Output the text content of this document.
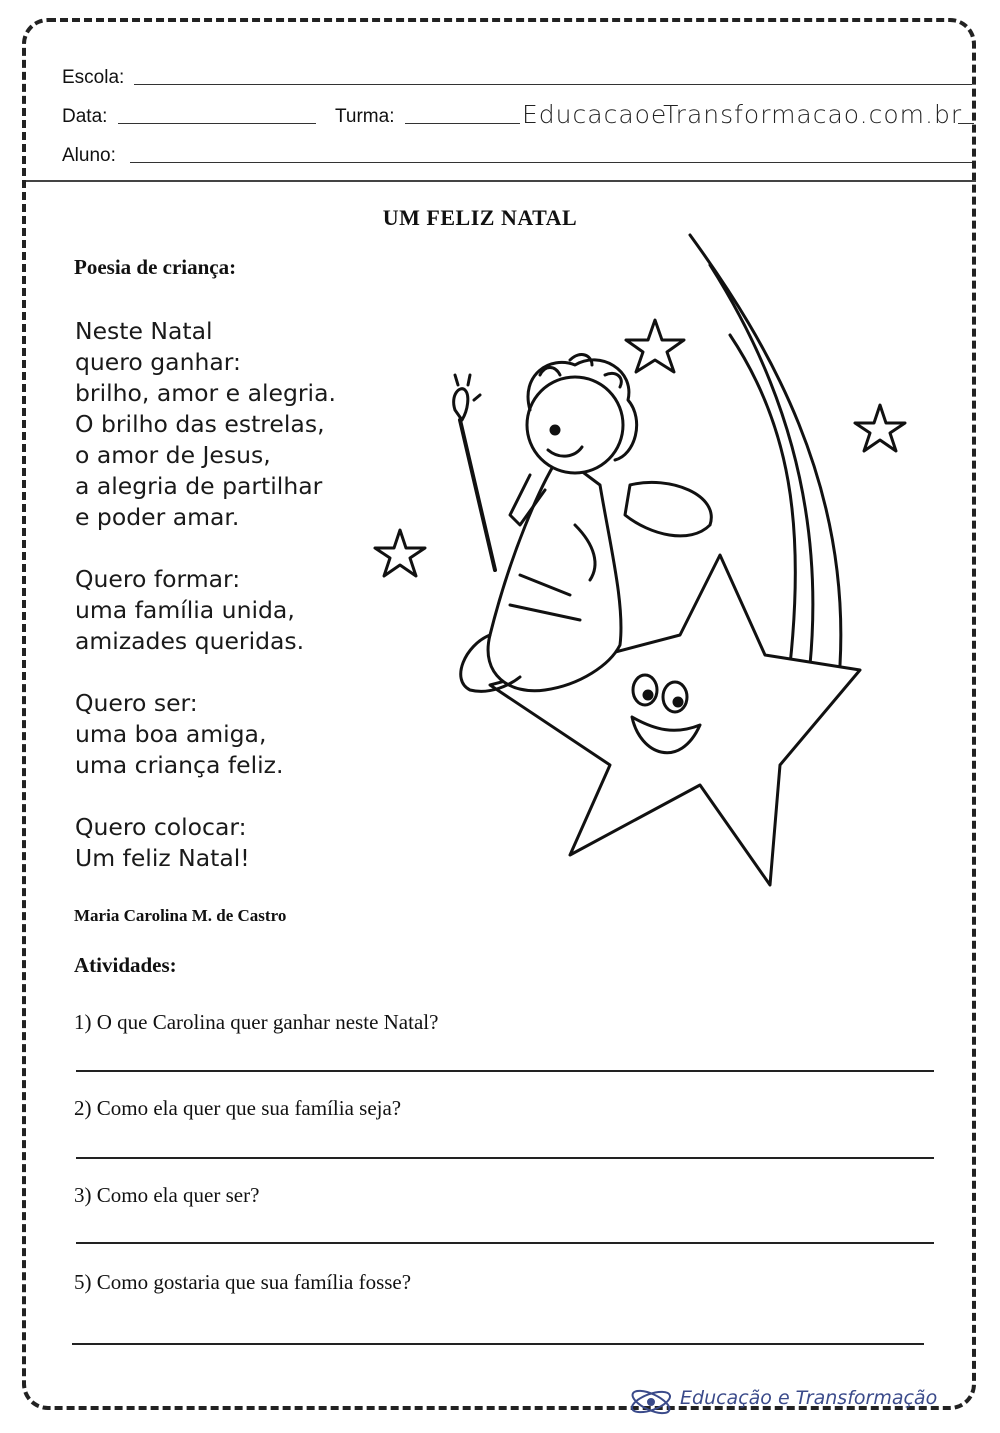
Escola:
Data:	Turma:	EducacaoeTransformacao.com.br
Aluno:
UM FELIZ NATAL
Poesia de criança:
Neste Natal
quero ganhar:
brilho, amor e alegria.
O brilho das estrelas,
o amor de Jesus,
a alegria de partilhar
e poder amar.
Quero formar:
uma família unida,
amizades queridas.
Quero ser:
uma boa amiga,
uma criança feliz.
Quero colocar:
Um feliz Natal!
Maria Carolina M. de Castro
Atividades:
1) O que Carolina quer ganhar neste Natal?
2) Como ela quer que sua família seja?
3) Como ela quer ser?
5) Como gostaria que sua família fosse?
Educação e Transformação
